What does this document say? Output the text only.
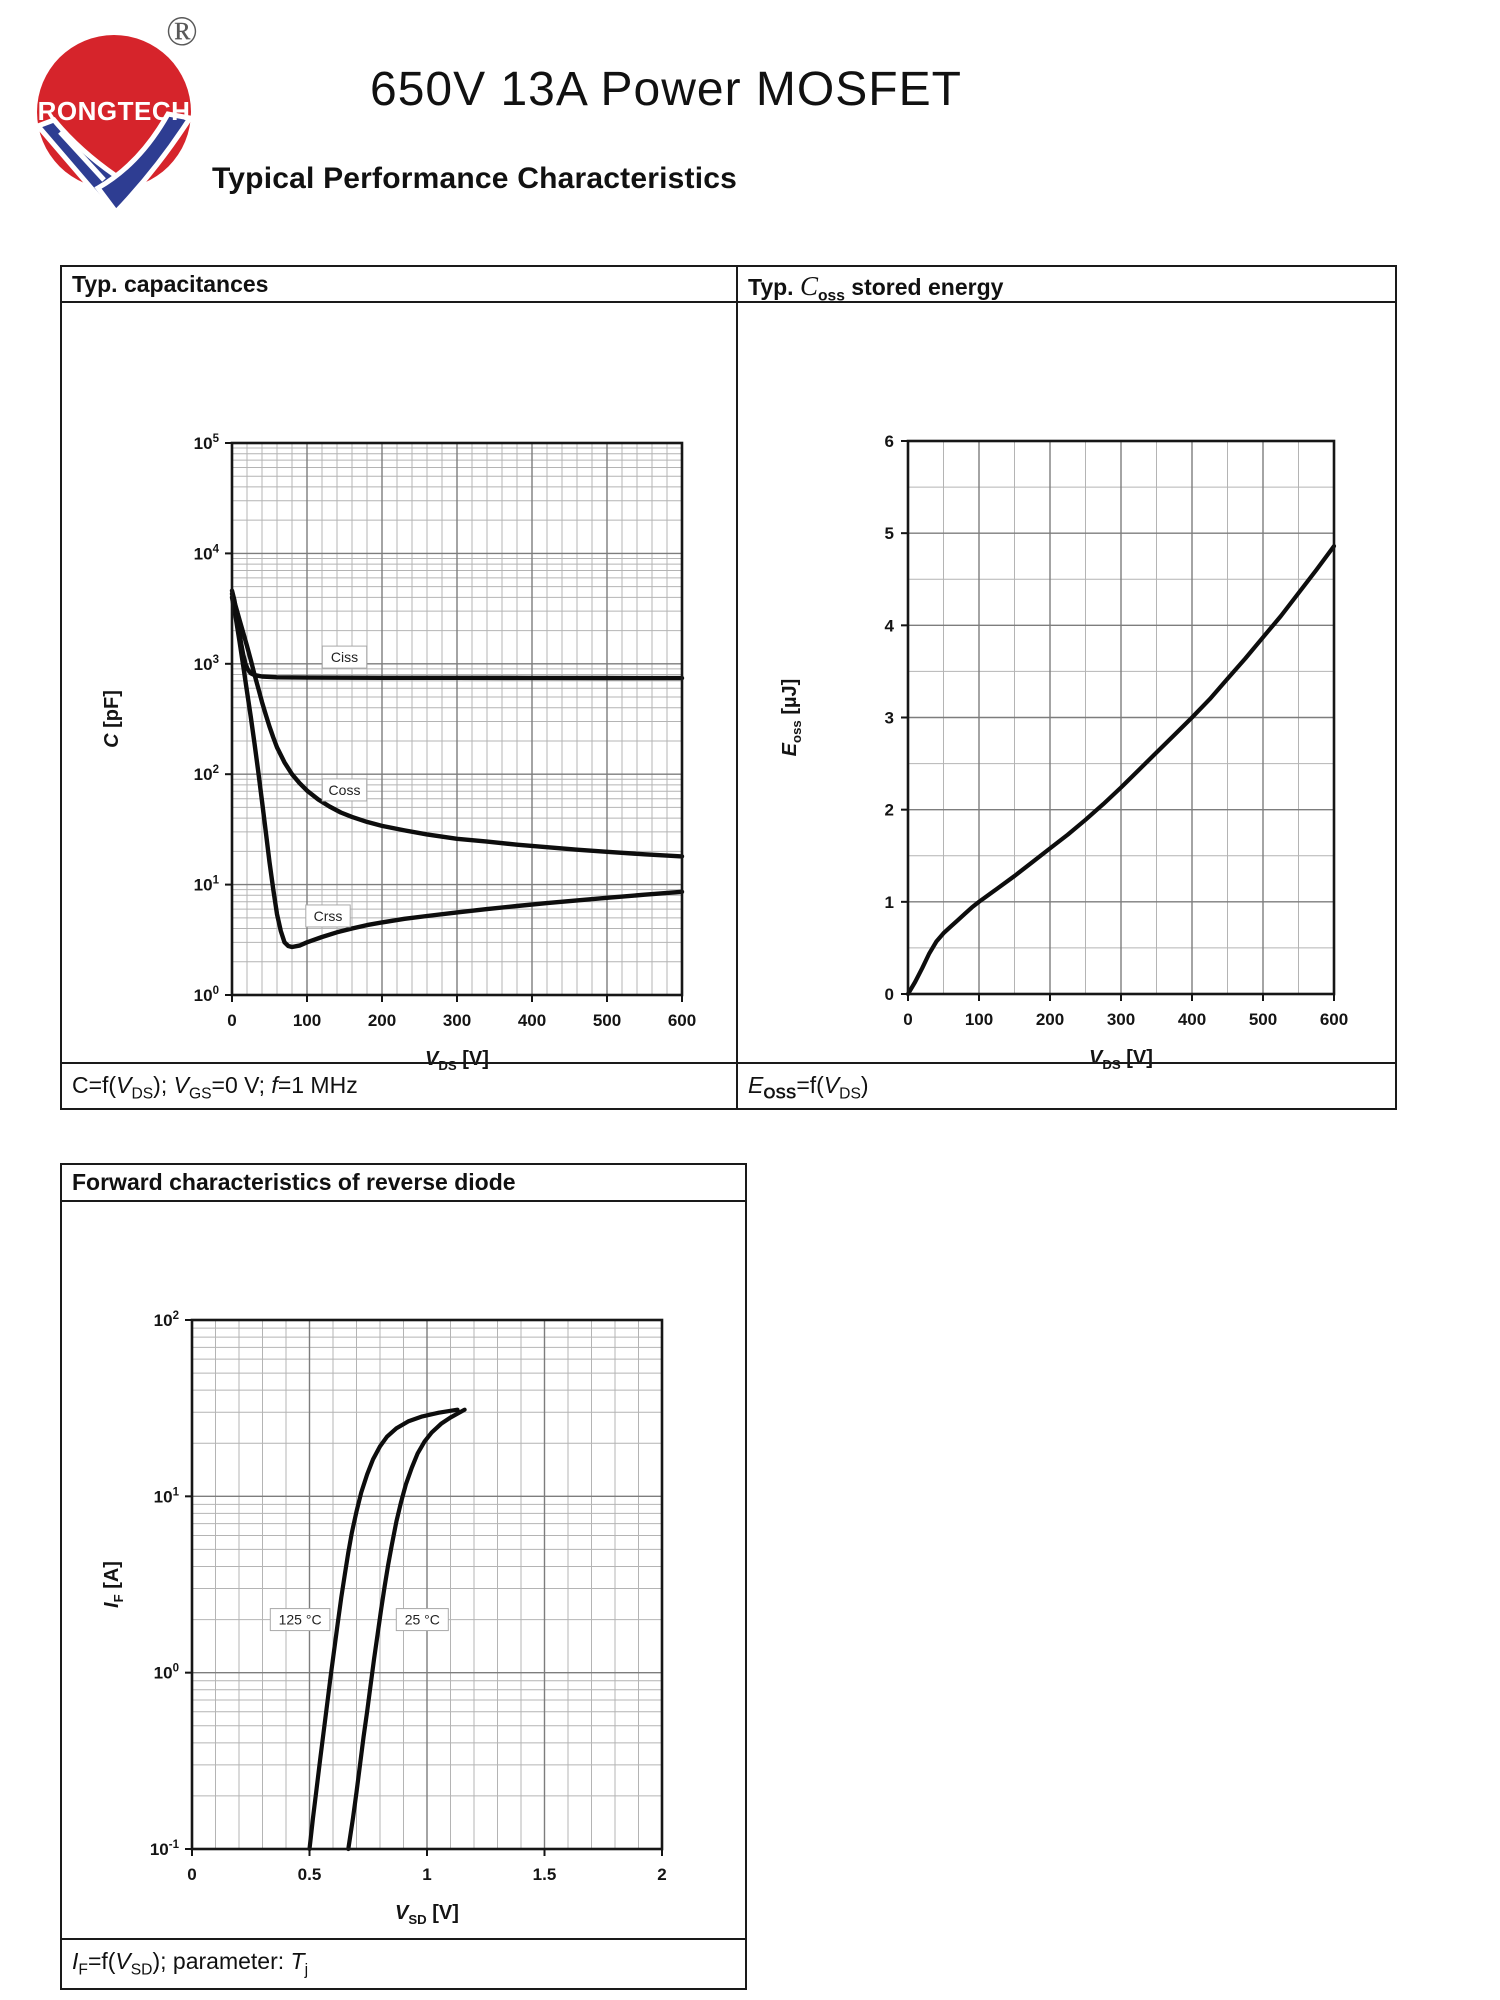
RONGTECH
®
650V 13A Power MOSFET
Typical Performance Characteristics
Typ. capacitances	Typ. $C_{oss}$ stored energy
0	100	200	300	400	500	600
$10^0$
$10^1$
$10^2$
$10^3$
$10^4$
$10^5$
Ciss
Coss
Crss
$V_{DS}$ [V]
C [pF]
0	100	200	300	400	500	600
0
1
2
3
4
5
6
$V_{DS}$ [V]
$E_{oss}$ [µJ]
$C=f(V_{DS})$; $V_{GS}=0$ V; f=1 MHz	$E_{OSS}=f(V_{DS})$
Forward characteristics of reverse diode
0	0.5	1	1.5	2
$10^{-1}$
$10^0$
$10^1$
$10^2$
125 °C	25 °C
$V_{SD}$ [V]
$I_F$ [A]
$I_F=f(V_{SD})$; parameter: $T_j$
